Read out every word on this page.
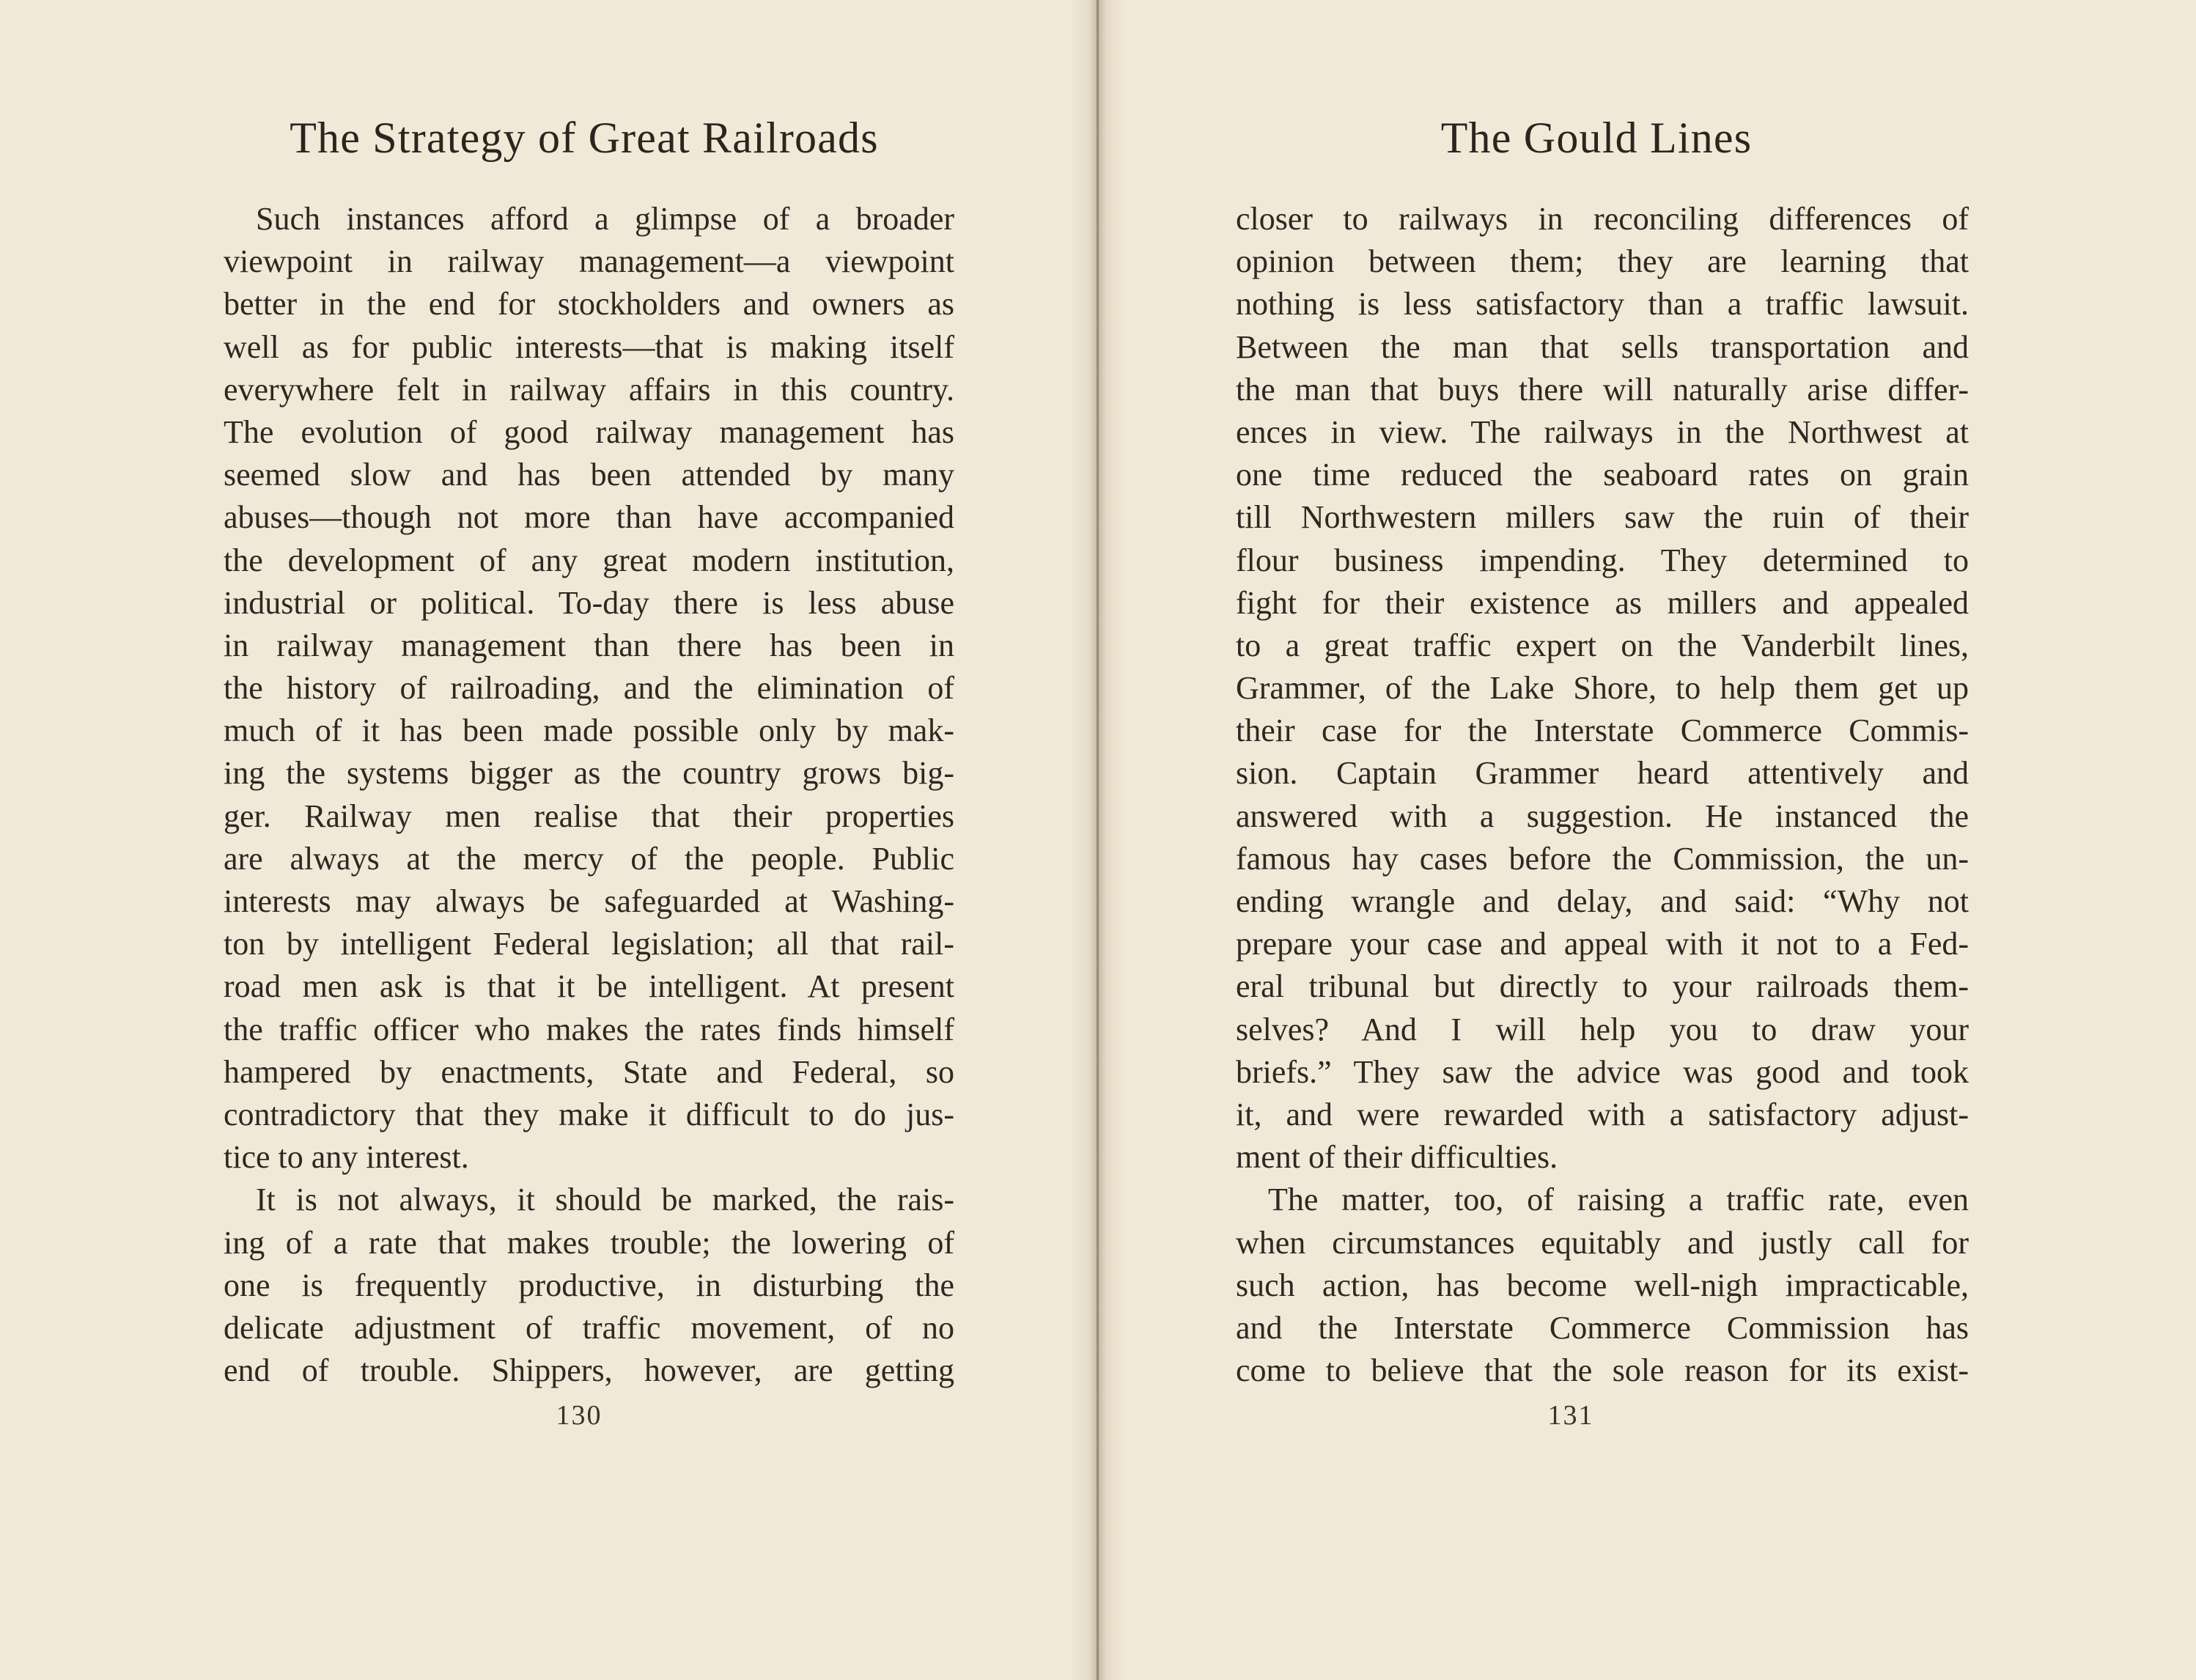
The Strategy of Great Railroads
Such instances afford a glimpse of a broader
viewpoint in railway management—a viewpoint
better in the end for stockholders and owners as
well as for public interests—that is making itself
everywhere felt in railway affairs in this country.
The evolution of good railway management has
seemed slow and has been attended by many
abuses—though not more than have accompanied
the development of any great modern institution,
industrial or political. To-day there is less abuse
in railway management than there has been in
the history of railroading, and the elimination of
much of it has been made possible only by mak-
ing the systems bigger as the country grows big-
ger. Railway men realise that their properties
are always at the mercy of the people. Public
interests may always be safeguarded at Washing-
ton by intelligent Federal legislation; all that rail-
road men ask is that it be intelligent. At present
the traffic officer who makes the rates finds himself
hampered by enactments, State and Federal, so
contradictory that they make it difficult to do jus-
tice to any interest.
It is not always, it should be marked, the rais-
ing of a rate that makes trouble; the lowering of
one is frequently productive, in disturbing the
delicate adjustment of traffic movement, of no
end of trouble. Shippers, however, are getting

130

The Gould Lines
closer to railways in reconciling differences of
opinion between them; they are learning that
nothing is less satisfactory than a traffic lawsuit.
Between the man that sells transportation and
the man that buys there will naturally arise differ-
ences in view. The railways in the Northwest at
one time reduced the seaboard rates on grain
till Northwestern millers saw the ruin of their
flour business impending. They determined to
fight for their existence as millers and appealed
to a great traffic expert on the Vanderbilt lines,
Grammer, of the Lake Shore, to help them get up
their case for the Interstate Commerce Commis-
sion. Captain Grammer heard attentively and
answered with a suggestion. He instanced the
famous hay cases before the Commission, the un-
ending wrangle and delay, and said: “Why not
prepare your case and appeal with it not to a Fed-
eral tribunal but directly to your railroads them-
selves? And I will help you to draw your
briefs.” They saw the advice was good and took
it, and were rewarded with a satisfactory adjust-
ment of their difficulties.
The matter, too, of raising a traffic rate, even
when circumstances equitably and justly call for
such action, has become well-nigh impracticable,
and the Interstate Commerce Commission has
come to believe that the sole reason for its exist-

131
